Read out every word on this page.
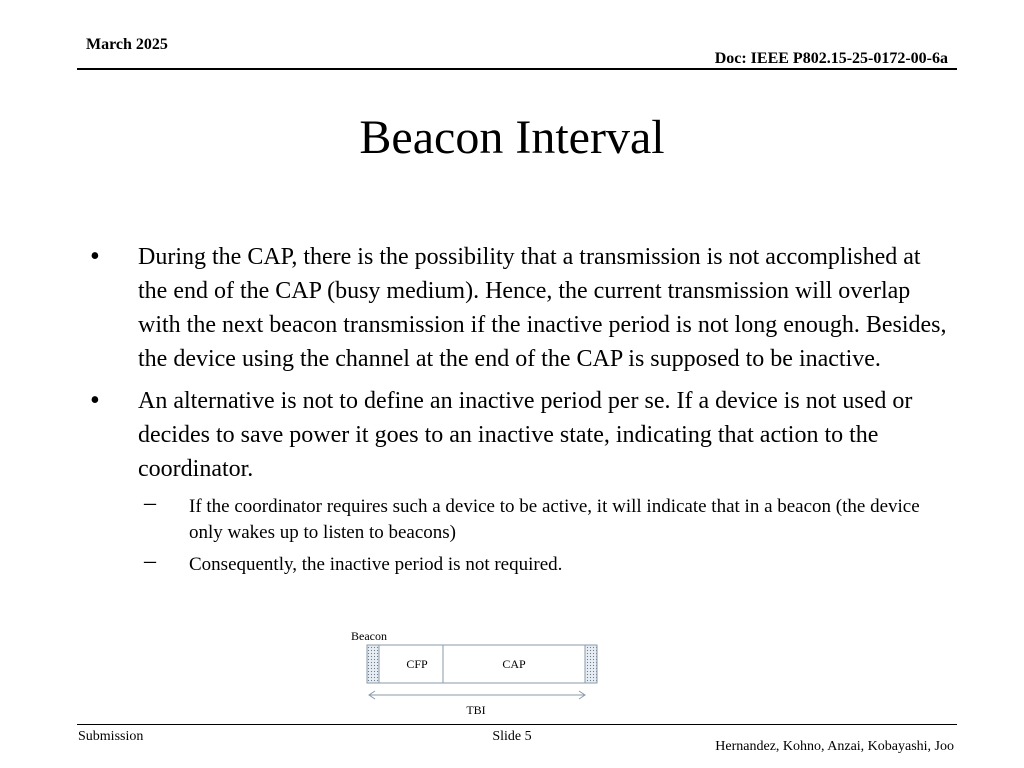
March 2025
Doc: IEEE P802.15-25-0172-00-6a
Beacon Interval
• During the CAP, there is the possibility that a transmission is not accomplished at the end of the CAP (busy medium). Hence, the current transmission will overlap with the next beacon transmission if the inactive period is not long enough. Besides, the device using the channel at the end of the CAP is supposed to be inactive.
• An alternative is not to define an inactive period per se. If a device is not used or decides to save power it goes to an inactive state, indicating that action to the coordinator.
– If the coordinator requires such a device to be active, it will indicate that in a beacon (the device only wakes up to listen to beacons)
– Consequently, the inactive period is not required.
Beacon
CFP	CAP
TBI
Submission	Slide 5
Hernandez, Kohno, Anzai, Kobayashi, Joo
